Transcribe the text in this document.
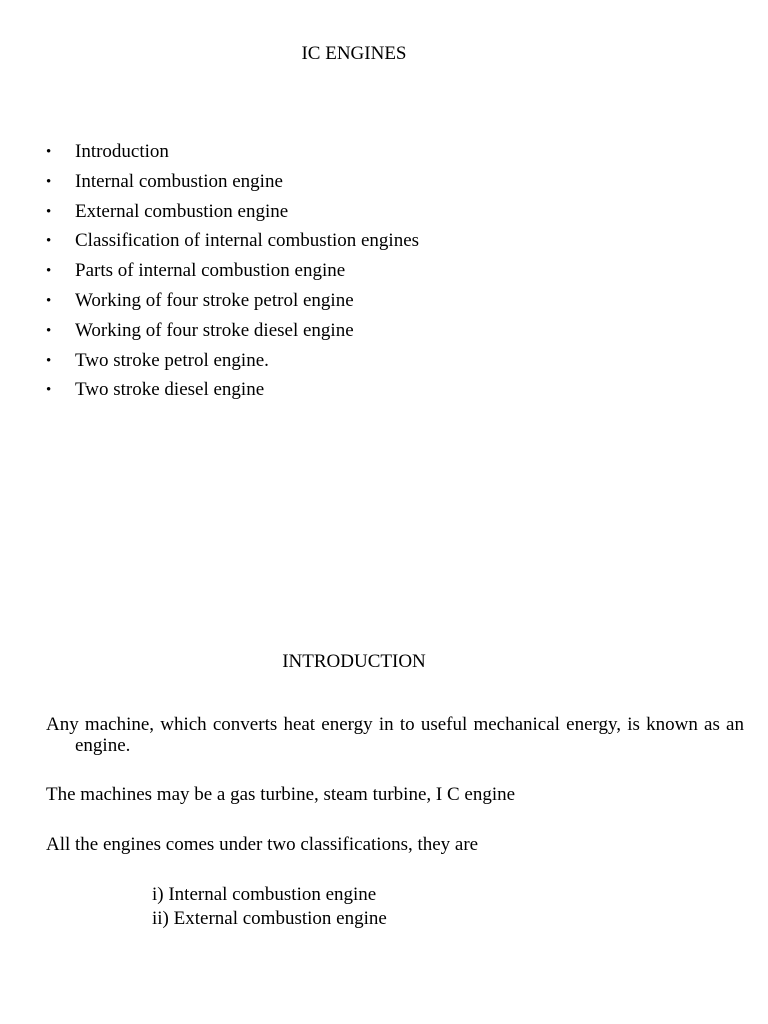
IC ENGINES
• Introduction
• Internal combustion engine
• External combustion engine
• Classification of internal combustion engines
• Parts of internal combustion engine
• Working of four stroke petrol engine
• Working of four stroke diesel engine
• Two stroke petrol engine.
• Two stroke diesel engine
INTRODUCTION

Any machine, which converts heat energy in to useful mechanical energy, is known as an engine.

The machines may be a gas turbine, steam turbine, I C engine

All the engines comes under two classifications, they are

i) Internal combustion engine
ii) External combustion engine
